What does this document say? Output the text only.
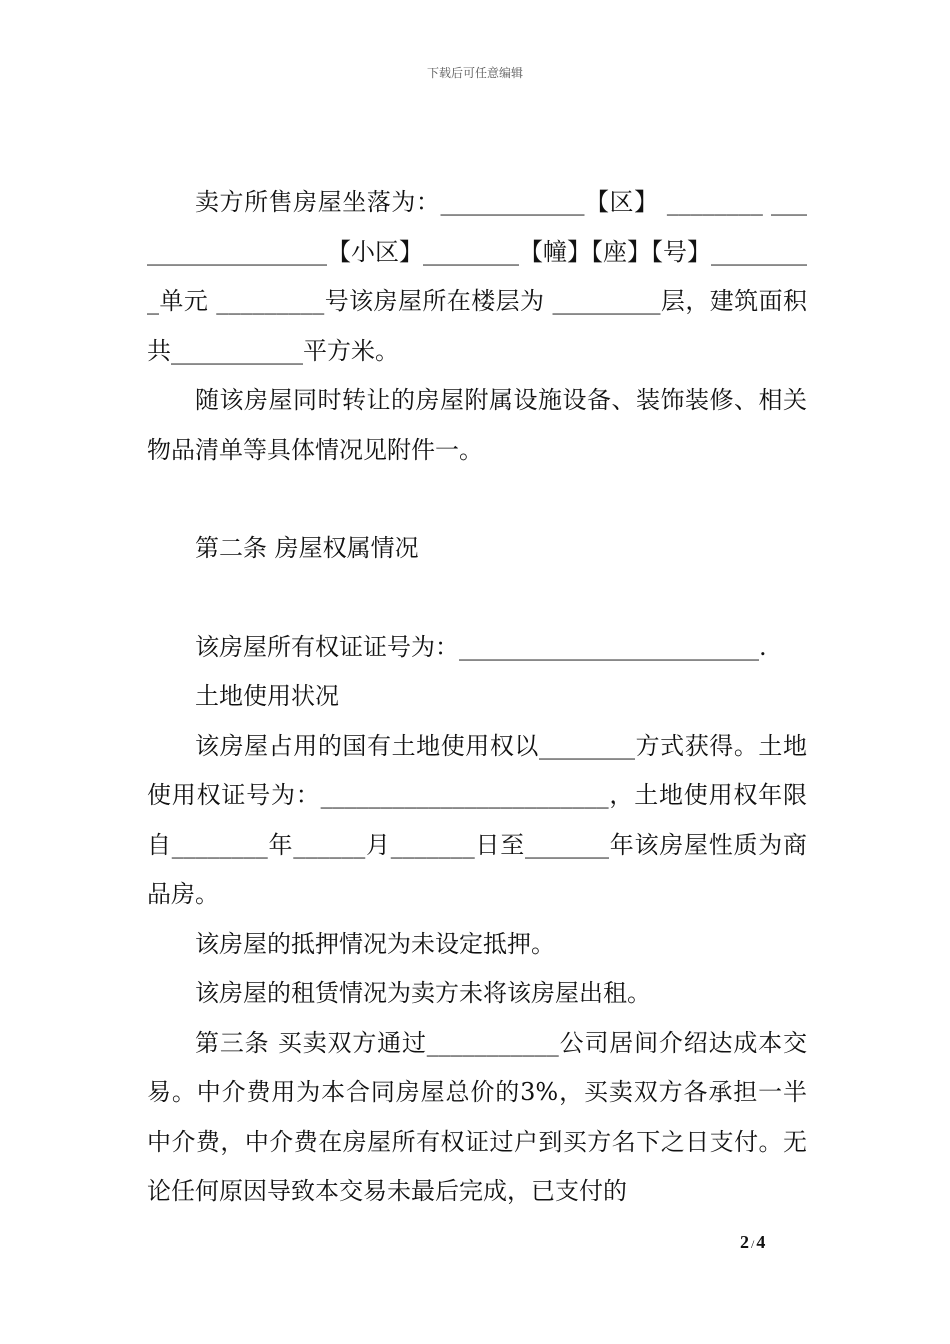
下载后可任意编辑

卖方所售房屋坐落为：____________【区】 ________ __________________【小区】________【幢】【座】【号】_________单元 _________号该房屋所在楼层为 _________层，建筑面积共___________平方米。

随该房屋同时转让的房屋附属设施设备、装饰装修、相关物品清单等具体情况见附件一。

第二条 房屋权属情况

该房屋所有权证证号为：_________________________.

土地使用状况

该房屋占用的国有土地使用权以________方式获得。土地使用权证号为：________________________，土地使用权年限自________年______月_______日至_______年该房屋性质为商品房。

该房屋的抵押情况为未设定抵押。

该房屋的租赁情况为卖方未将该房屋出租。

第三条 买卖双方通过___________公司居间介绍达成本交易。中介费用为本合同房屋总价的3%，买卖双方各承担一半中介费，中介费在房屋所有权证过户到买方名下之日支付。无论任何原因导致本交易未最后完成，已支付的

2 / 4
